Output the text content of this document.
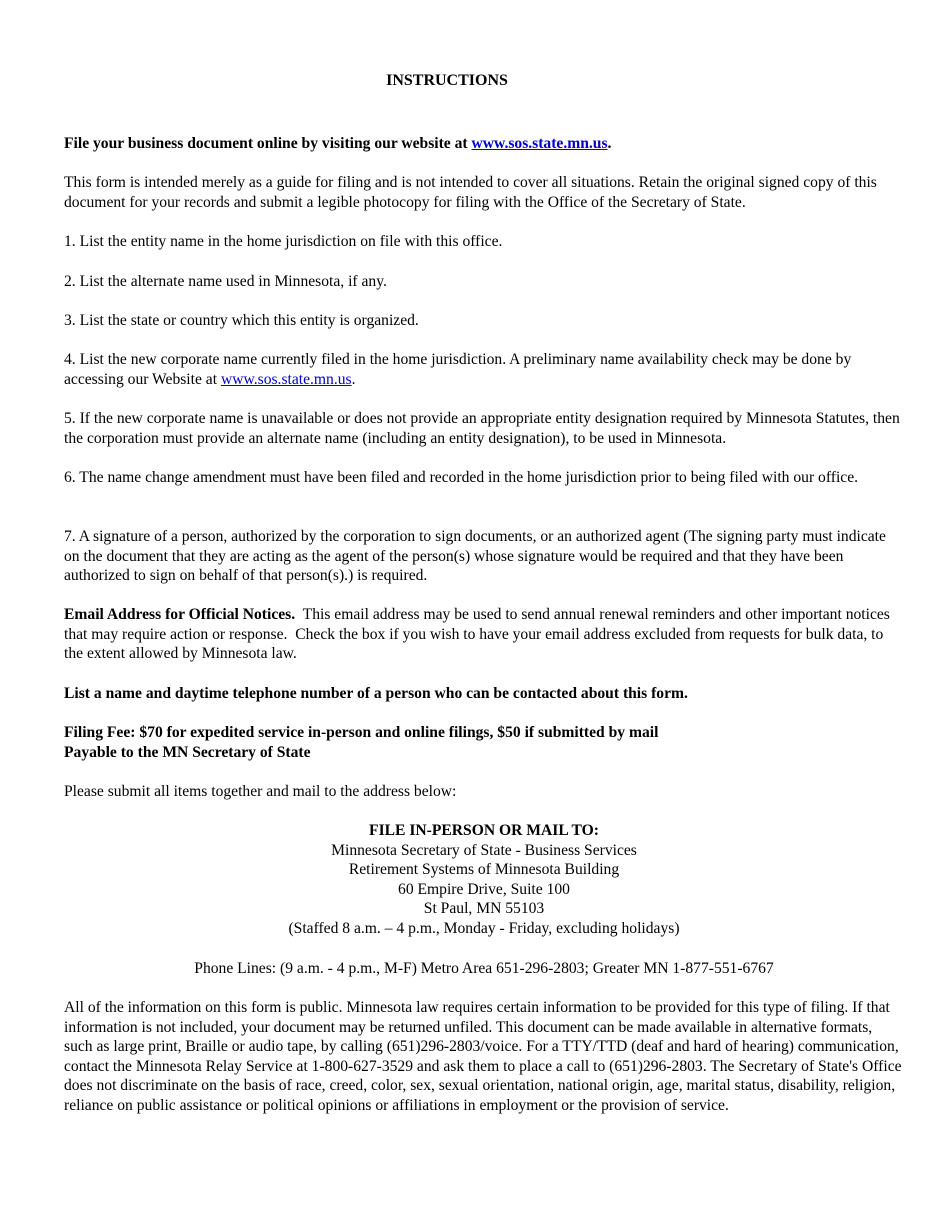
INSTRUCTIONS

File your business document online by visiting our website at www.sos.state.mn.us.

This form is intended merely as a guide for filing and is not intended to cover all situations. Retain the original signed copy of this document for your records and submit a legible photocopy for filing with the Office of the Secretary of State.

1. List the entity name in the home jurisdiction on file with this office.

2. List the alternate name used in Minnesota, if any.

3. List the state or country which this entity is organized.

4. List the new corporate name currently filed in the home jurisdiction. A preliminary name availability check may be done by accessing our Website at www.sos.state.mn.us.

5. If the new corporate name is unavailable or does not provide an appropriate entity designation required by Minnesota Statutes, then the corporation must provide an alternate name (including an entity designation), to be used in Minnesota.

6. The name change amendment must have been filed and recorded in the home jurisdiction prior to being filed with our office.

7. A signature of a person, authorized by the corporation to sign documents, or an authorized agent (The signing party must indicate on the document that they are acting as the agent of the person(s) whose signature would be required and that they have been authorized to sign on behalf of that person(s).) is required.

Email Address for Official Notices.  This email address may be used to send annual renewal reminders and other important notices that may require action or response.  Check the box if you wish to have your email address excluded from requests for bulk data, to the extent allowed by Minnesota law.

List a name and daytime telephone number of a person who can be contacted about this form.

Filing Fee: $70 for expedited service in-person and online filings, $50 if submitted by mail
Payable to the MN Secretary of State

Please submit all items together and mail to the address below:

FILE IN-PERSON OR MAIL TO:
Minnesota Secretary of State - Business Services
Retirement Systems of Minnesota Building
60 Empire Drive, Suite 100
St Paul, MN 55103
(Staffed 8 a.m. – 4 p.m., Monday - Friday, excluding holidays)
Phone Lines: (9 a.m. - 4 p.m., M-F) Metro Area 651-296-2803; Greater MN 1-877-551-6767

All of the information on this form is public. Minnesota law requires certain information to be provided for this type of filing. If that information is not included, your document may be returned unfiled. This document can be made available in alternative formats, such as large print, Braille or audio tape, by calling (651)296-2803/voice. For a TTY/TTD (deaf and hard of hearing) communication, contact the Minnesota Relay Service at 1-800-627-3529 and ask them to place a call to (651)296-2803. The Secretary of State's Office does not discriminate on the basis of race, creed, color, sex, sexual orientation, national origin, age, marital status, disability, religion, reliance on public assistance or political opinions or affiliations in employment or the provision of service.
